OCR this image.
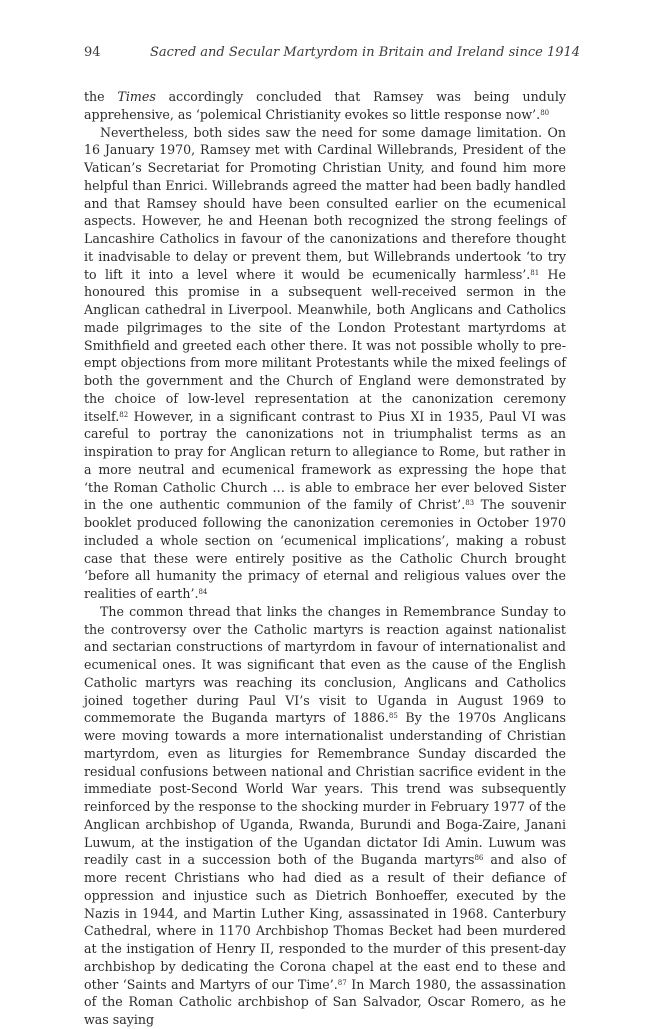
94	Sacred and Secular Martyrdom in Britain and Ireland since 1914

the Times accordingly concluded that Ramsey was being unduly apprehensive, as ‘polemical Christianity evokes so little response now’.$^{80}$

Nevertheless, both sides saw the need for some damage limitation. On 16 January 1970, Ramsey met with Cardinal Willebrands, President of the Vatican’s Secretariat for Promoting Christian Unity, and found him more helpful than Enrici. Willebrands agreed the matter had been badly handled and that Ramsey should have been consulted earlier on the ecumenical aspects. However, he and Heenan both recognized the strong feelings of Lancashire Catholics in favour of the canonizations and therefore thought it inadvisable to delay or prevent them, but Willebrands undertook ‘to try to lift it into a level where it would be ecumenically harmless’.$^{81}$ He honoured this promise in a subsequent well-received sermon in the Anglican cathedral in Liverpool. Meanwhile, both Anglicans and Catholics made pilgrimages to the site of the London Protestant martyrdoms at Smithfield and greeted each other there. It was not possible wholly to pre-empt objections from more militant Protestants while the mixed feelings of both the government and the Church of England were demonstrated by the choice of low-level representation at the canonization ceremony itself.$^{82}$ However, in a significant contrast to Pius XI in 1935, Paul VI was careful to portray the canonizations not in triumphalist terms as an inspiration to pray for Anglican return to allegiance to Rome, but rather in a more neutral and ecumenical framework as expressing the hope that ‘the Roman Catholic Church … is able to embrace her ever beloved Sister in the one authentic communion of the family of Christ’.$^{83}$ The souvenir booklet produced following the canonization ceremonies in October 1970 included a whole section on ‘ecumenical implications’, making a robust case that these were entirely positive as the Catholic Church brought ‘before all humanity the primacy of eternal and religious values over the realities of earth’.$^{84}$

The common thread that links the changes in Remembrance Sunday to the controversy over the Catholic martyrs is reaction against nationalist and sectarian constructions of martyrdom in favour of internationalist and ecumenical ones. It was significant that even as the cause of the English Catholic martyrs was reaching its conclusion, Anglicans and Catholics joined together during Paul VI’s visit to Uganda in August 1969 to commemorate the Buganda martyrs of 1886.85 By the 1970s Anglicans were moving towards a more internationalist understanding of Christian martyrdom, even as liturgies for Remembrance Sunday discarded the residual confusions between national and Christian sacrifice evident in the immediate post-Second World War years. This trend was subsequently reinforced by the response to the shocking murder in February 1977 of the Anglican archbishop of Uganda, Rwanda, Burundi and Boga-Zaire, Janani Luwum, at the instigation of the Ugandan dictator Idi Amin. Luwum was readily cast in a succession both of the Buganda martyrs$^{86}$ and also of more recent Christians who had died as a result of their defiance of oppression and injustice such as Dietrich Bonhoeffer, executed by the Nazis in 1944, and Martin Luther King, assassinated in 1968. Canterbury Cathedral, where in 1170 Archbishop Thomas Becket had been murdered at the instigation of Henry II, responded to the murder of this present-day archbishop by dedicating the Corona chapel at the east end to these and other ‘Saints and Martyrs of our Time’.$^{87}$ In March 1980, the assassination of the Roman Catholic archbishop of San Salvador, Oscar Romero, as he was saying
